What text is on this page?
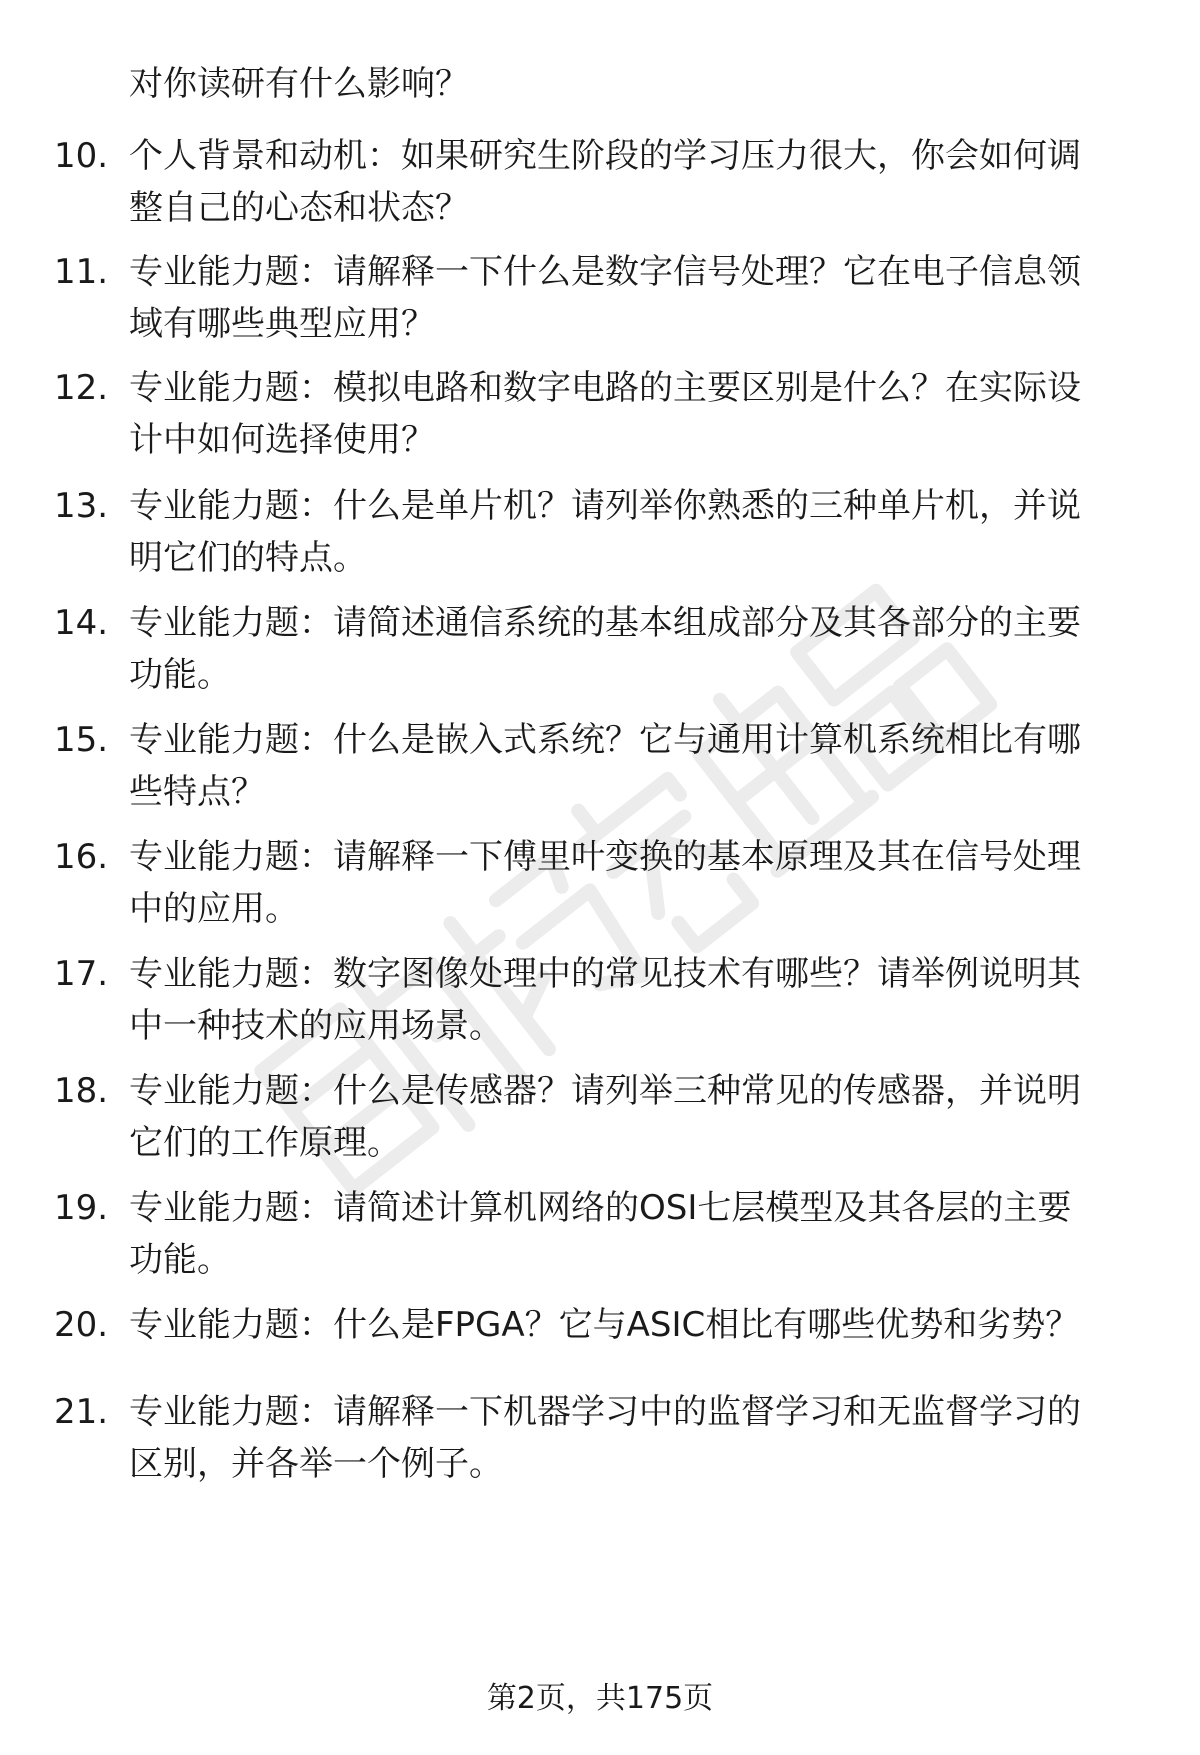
对你读研有什么影响？
10. 个人背景和动机：如果研究生阶段的学习压力很大，你会如何调
整自己的心态和状态？
11. 专业能力题：请解释一下什么是数字信号处理？它在电子信息领
域有哪些典型应用？
12. 专业能力题：模拟电路和数字电路的主要区别是什么？在实际设
计中如何选择使用？
13. 专业能力题：什么是单片机？请列举你熟悉的三种单片机，并说
明它们的特点。
14. 专业能力题：请简述通信系统的基本组成部分及其各部分的主要
功能。
15. 专业能力题：什么是嵌入式系统？它与通用计算机系统相比有哪
些特点？
16. 专业能力题：请解释一下傅里叶变换的基本原理及其在信号处理
中的应用。
17. 专业能力题：数字图像处理中的常见技术有哪些？请举例说明其
中一种技术的应用场景。
18. 专业能力题：什么是传感器？请列举三种常见的传感器，并说明
它们的工作原理。
19. 专业能力题：请简述计算机网络的OSI七层模型及其各层的主要
功能。
20. 专业能力题：什么是FPGA？它与ASIC相比有哪些优势和劣势？
21. 专业能力题：请解释一下机器学习中的监督学习和无监督学习的
区别，并各举一个例子。
第2页，共175页
